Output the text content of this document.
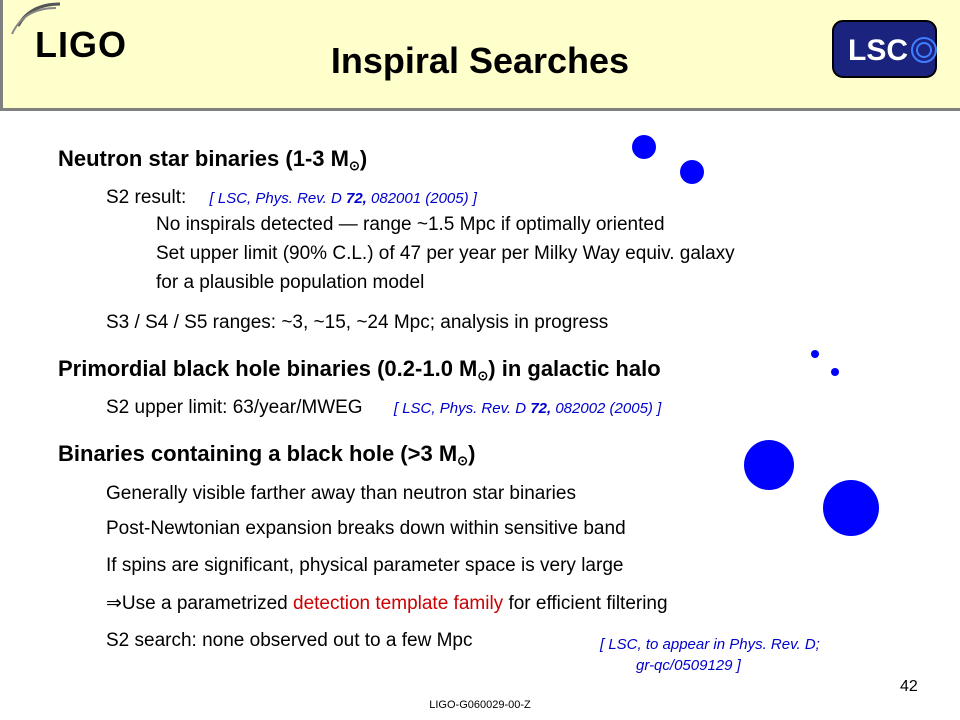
LIGO	Inspiral Searches	LSC
Neutron star binaries (1-3 $M_⊙$)
S2 result: [ LSC, Phys. Rev. D 72, 082001 (2005) ]
No inspirals detected — range ~1.5 Mpc if optimally oriented
Set upper limit (90% C.L.) of 47 per year per Milky Way equiv. galaxy
for a plausible population model
S3 / S4 / S5 ranges: ~3, ~15, ~24 Mpc; analysis in progress
Primordial black hole binaries (0.2-1.0 $M_⊙$) in galactic halo
S2 upper limit: 63/year/MWEG [ LSC, Phys. Rev. D 72, 082002 (2005) ]
Binaries containing a black hole (>3 $M_⊙$)
Generally visible farther away than neutron star binaries
Post-Newtonian expansion breaks down within sensitive band
If spins are significant, physical parameter space is very large
⇒Use a parametrized detection template family for efficient filtering
S2 search: none observed out to a few Mpc	[ LSC, to appear in Phys. Rev. D;
gr-qc/0509129 ]
42
LIGO-G060029-00-Z
